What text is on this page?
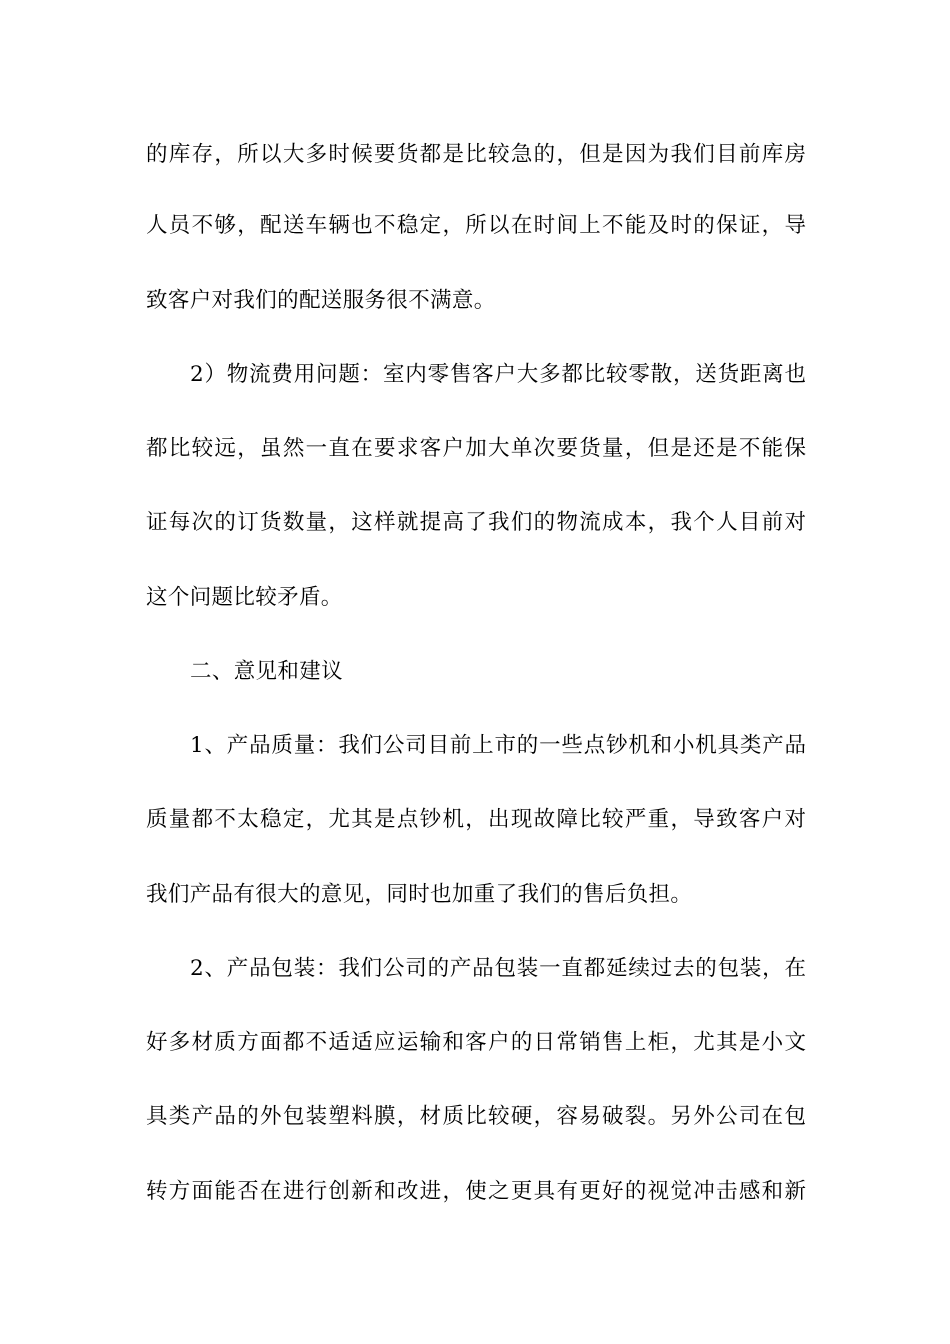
的库存，所以大多时候要货都是比较急的，但是因为我们目前库房
人员不够，配送车辆也不稳定，所以在时间上不能及时的保证，导
致客户对我们的配送服务很不满意。
2）物流费用问题：室内零售客户大多都比较零散，送货距离也
都比较远，虽然一直在要求客户加大单次要货量，但是还是不能保
证每次的订货数量，这样就提高了我们的物流成本，我个人目前对
这个问题比较矛盾。
二、意见和建议
1、产品质量：我们公司目前上市的一些点钞机和小机具类产品
质量都不太稳定，尤其是点钞机，出现故障比较严重，导致客户对
我们产品有很大的意见，同时也加重了我们的售后负担。
2、产品包装：我们公司的产品包装一直都延续过去的包装，在
好多材质方面都不适适应运输和客户的日常销售上柜，尤其是小文
具类产品的外包装塑料膜，材质比较硬，容易破裂。另外公司在包
转方面能否在进行创新和改进，使之更具有更好的视觉冲击感和新
